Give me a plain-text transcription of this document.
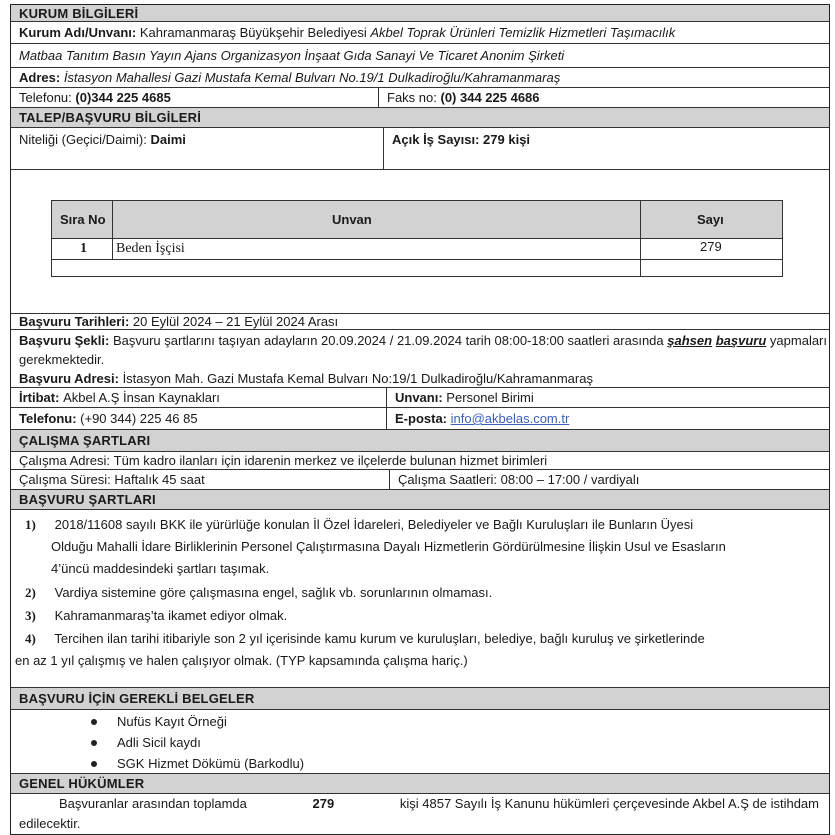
KURUM BİLGİLERİ
Kurum Adı/Unvanı:
Kahramanmaraş Büyükşehir Belediyesi
Akbel Toprak Ürünleri Temizlik Hizmetleri Taşımacılık
Matbaa Tanıtım Basın Yayın Ajans Organizasyon İnşaat Gıda Sanayi Ve Ticaret Anonim Şirketi
Adres:
İstasyon Mahallesi Gazi Mustafa Kemal Bulvarı No.19/1 Dulkadiroğlu/Kahramanmaraş
Telefonu:
(0)344 225 4685	Faks no:
(0) 344 225 4686
TALEP/BAŞVURU BİLGİLERİ
Niteliği (Geçici/Daimi):
Daimi	Açık İş Sayısı: 279 kişi
Sıra No	Unvan	Sayı
1 Beden İşçisi	279
Başvuru Tarihleri:
20 Eylül 2024 – 21 Eylül 2024 Arası
Başvuru Şekli: Başvuru şartlarını taşıyan adayların 20.09.2024 / 21.09.2024 tarih 08:00-18:00 saatleri arasında şahsen başvuru yapmaları gerekmektedir.
Başvuru Adresi:
İstasyon Mah. Gazi Mustafa Kemal Bulvarı No:19/1 Dulkadiroğlu/Kahramanmaraş
İrtibat:
Akbel A.Ş İnsan Kaynakları	Unvanı:
Personel Birimi
Telefonu:
(+90 344) 225 46 85	E-posta:
info@akbelas.com.tr
ÇALIŞMA ŞARTLARI
Çalışma Adresi:
Tüm kadro ilanları için idarenin merkez ve ilçelerde bulunan hizmet birimleri
Çalışma Süresi:
Haftalık 45 saat	Çalışma Saatleri:
08:00 – 17:00 / vardiyalı
BAŞVURU ŞARTLARI
1) 2018/11608 sayılı BKK ile yürürlüğe konulan İl Özel İdareleri, Belediyeler ve Bağlı Kuruluşları ile Bunların Üyesi
Olduğu Mahalli İdare Birliklerinin Personel Çalıştırmasına Dayalı Hizmetlerin Gördürülmesine İlişkin Usul ve Esasların
4’üncü maddesindeki şartları taşımak.
2) Vardiya sistemine göre çalışmasına engel, sağlık vb. sorunlarının olmaması.
3) Kahramanmaraş’ta ikamet ediyor olmak.
4) Tercihen ilan tarihi itibariyle son 2 yıl içerisinde kamu kurum ve kuruluşları, belediye, bağlı kuruluş ve şirketlerinde
en az 1 yıl çalışmış ve halen çalışıyor olmak. (TYP kapsamında çalışma hariç.)
BAŞVURU İÇİN GEREKLİ BELGELER
Nufüs Kayıt Örneği
Adli Sicil kaydı
SGK Hizmet Dökümü (Barkodlu)
GENEL HÜKÜMLER
Başvuranlar arasından toplamda	279	kişi 4857 Sayılı İş Kanunu hükümleri çerçevesinde Akbel A.Ş de istihdam
edilecektir.
